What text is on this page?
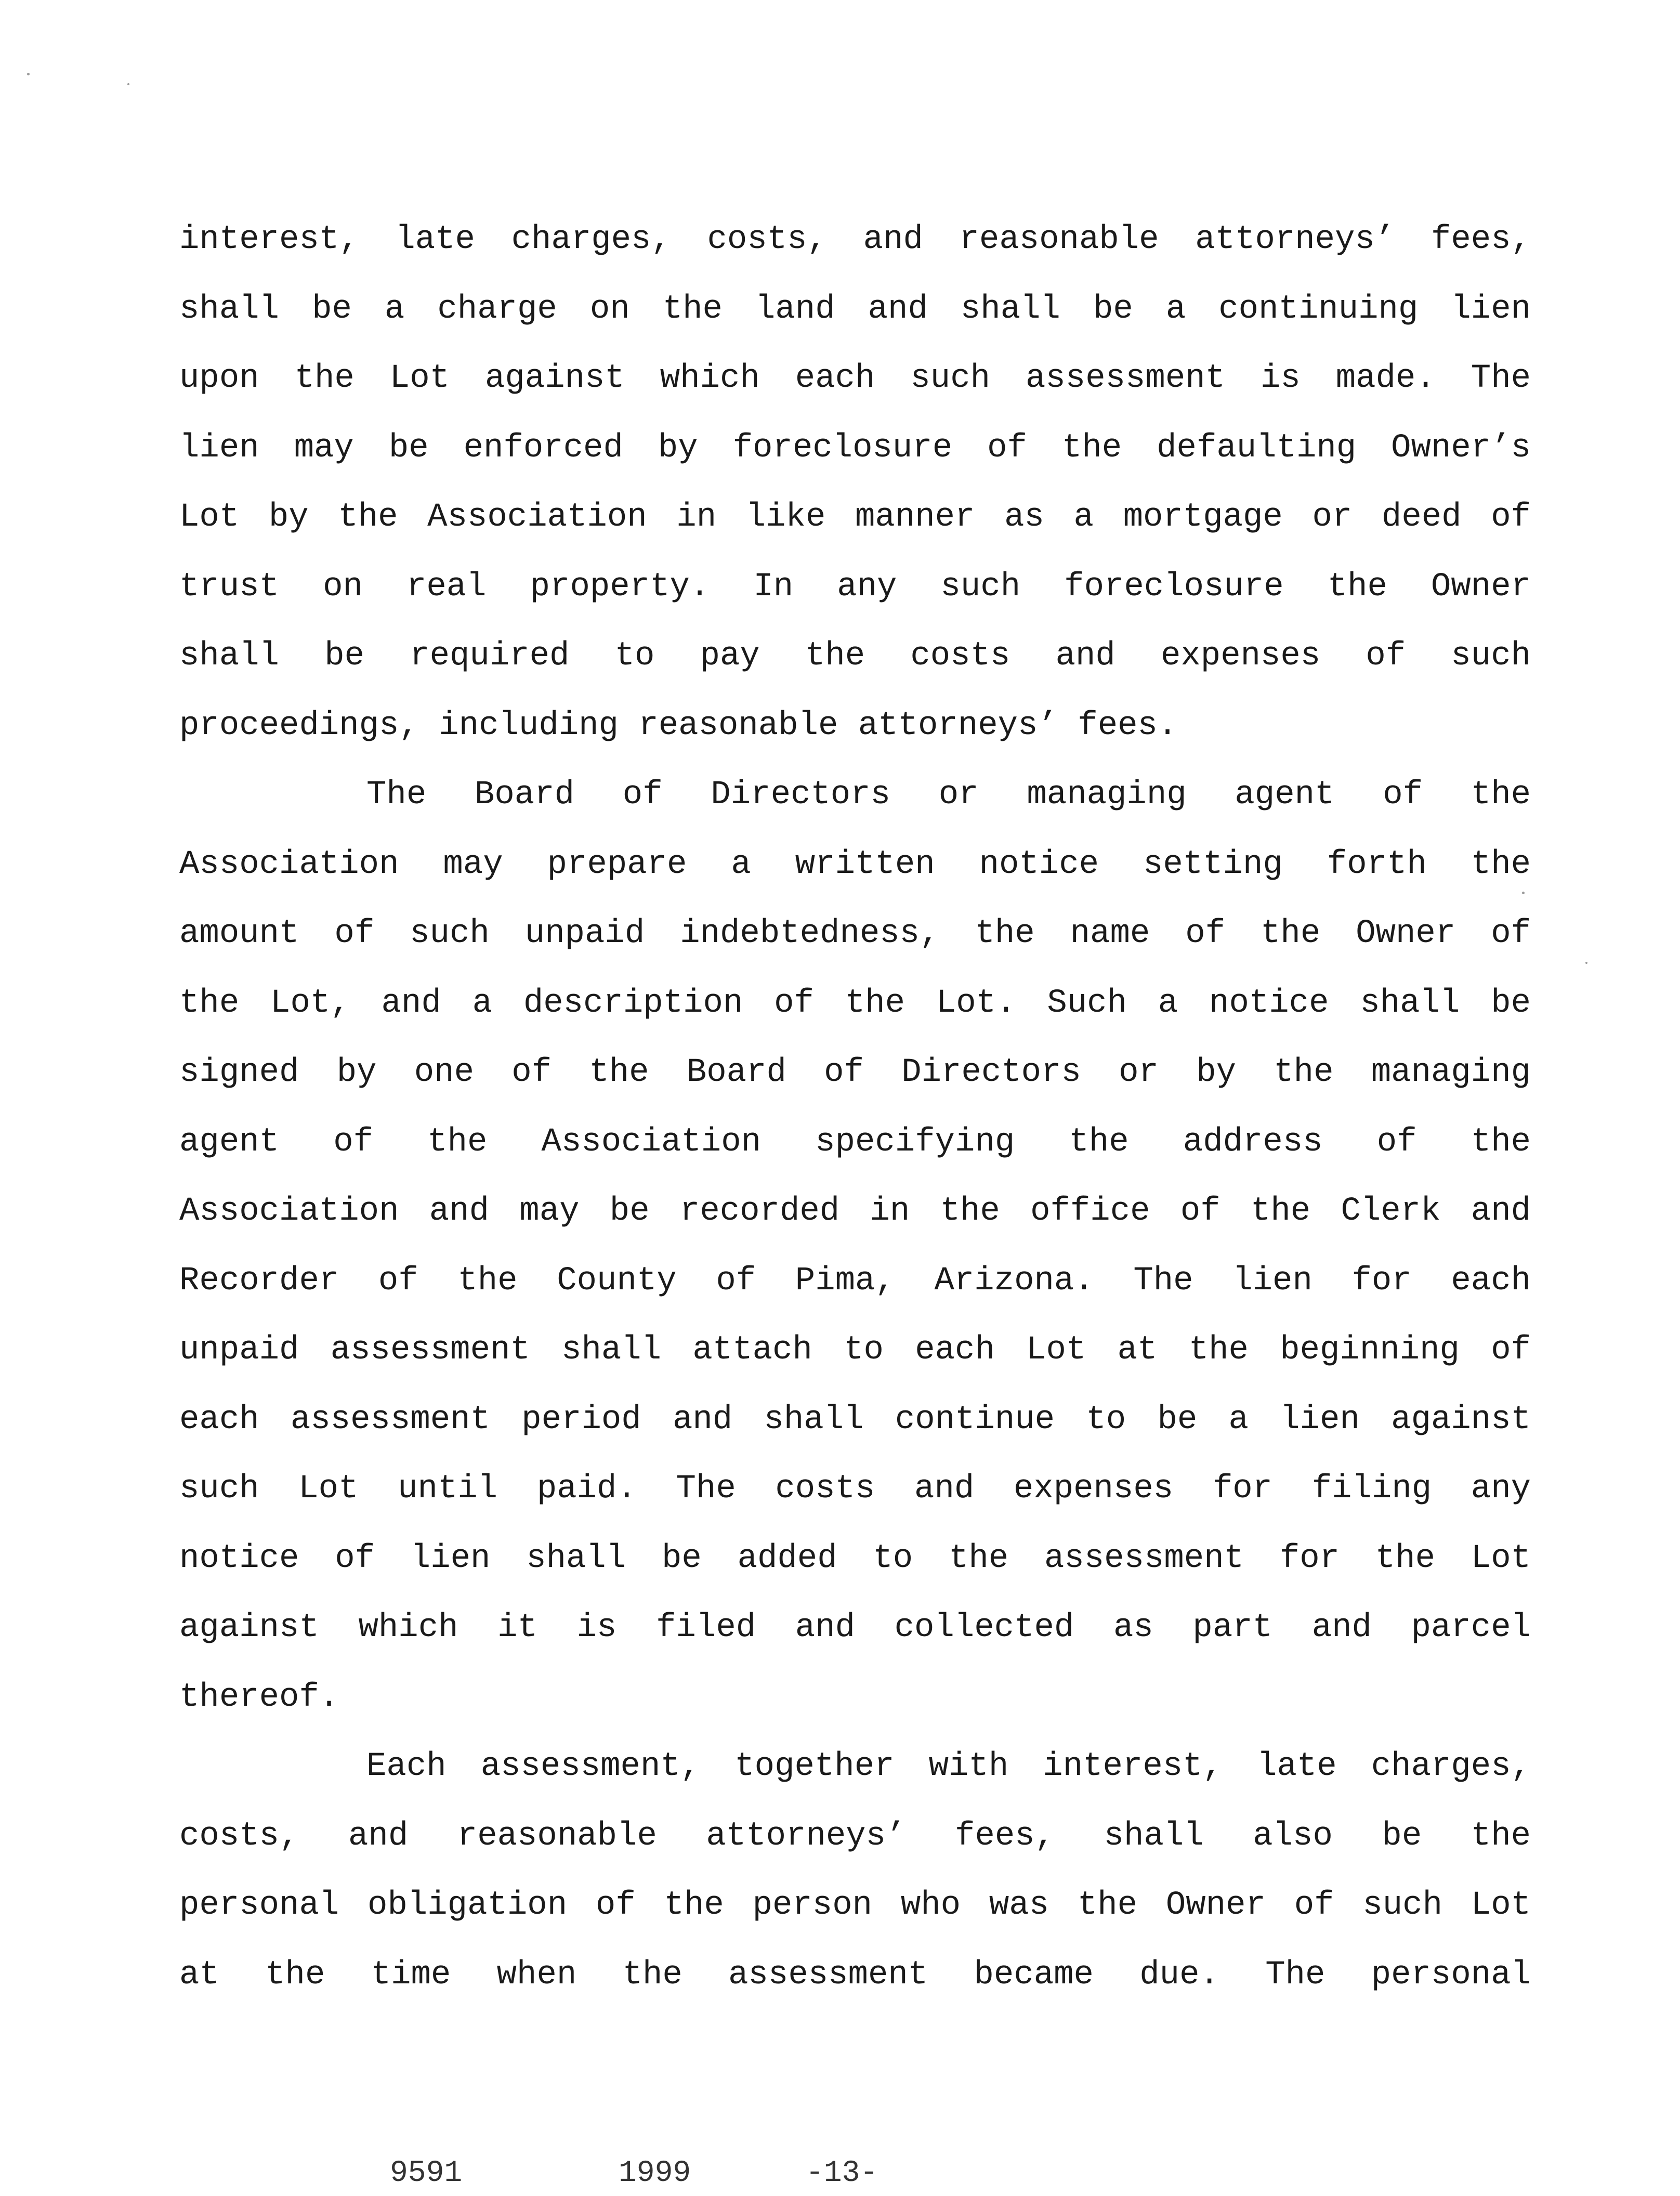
interest, late charges, costs, and reasonable attorneys’ fees,
shall be a charge on the land and shall be a continuing lien
upon the Lot against which each such assessment is made. The
lien may be enforced by foreclosure of the defaulting Owner’s
Lot by the Association in like manner as a mortgage or deed of
trust on real property. In any such foreclosure the Owner
shall be required to pay the costs and expenses of such
proceedings, including reasonable attorneys’ fees.
The Board of Directors or managing agent of the
Association may prepare a written notice setting forth the
amount of such unpaid indebtedness, the name of the Owner of
the Lot, and a description of the Lot. Such a notice shall be
signed by one of the Board of Directors or by the managing
agent of the Association specifying the address of the
Association and may be recorded in the office of the Clerk and
Recorder of the County of Pima, Arizona. The lien for each
unpaid assessment shall attach to each Lot at the beginning of
each assessment period and shall continue to be a lien against
such Lot until paid. The costs and expenses for filing any
notice of lien shall be added to the assessment for the Lot
against which it is filed and collected as part and parcel
thereof.
Each assessment, together with interest, late charges,
costs, and reasonable attorneys’ fees, shall also be the
personal obligation of the person who was the Owner of such Lot
at the time when the assessment became due. The personal
9591	1999	-13-
